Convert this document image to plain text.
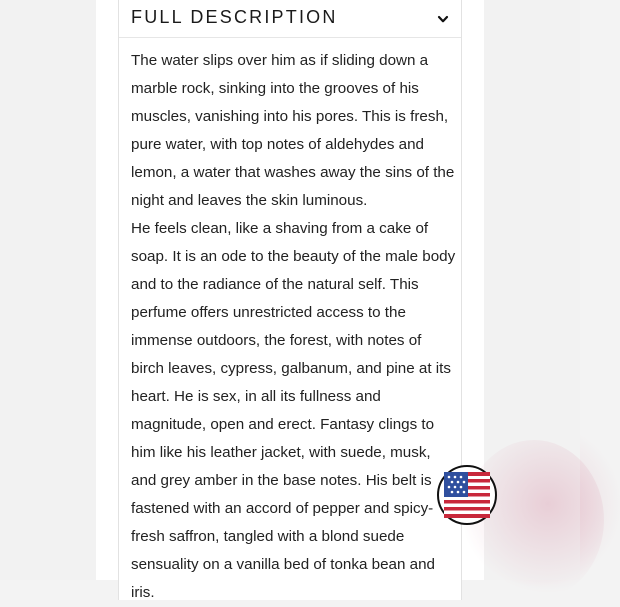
FULL DESCRIPTION

The water slips over him as if sliding down a marble rock, sinking into the grooves of his muscles, vanishing into his pores. This is fresh, pure water, with top notes of aldehydes and lemon, a water that washes away the sins of the night and leaves the skin luminous.

He feels clean, like a shaving from a cake of soap. It is an ode to the beauty of the male body and to the radiance of the natural self. This perfume offers unrestricted access to the immense outdoors, the forest, with notes of birch leaves, cypress, galbanum, and pine at its heart. He is sex, in all its fullness and magnitude, open and erect. Fantasy clings to him like his leather jacket, with suede, musk, and grey amber in the base notes. His belt is fastened with an accord of pepper and spicy-fresh saffron, tangled with a blond suede sensuality on a vanilla bed of tonka bean and iris.
